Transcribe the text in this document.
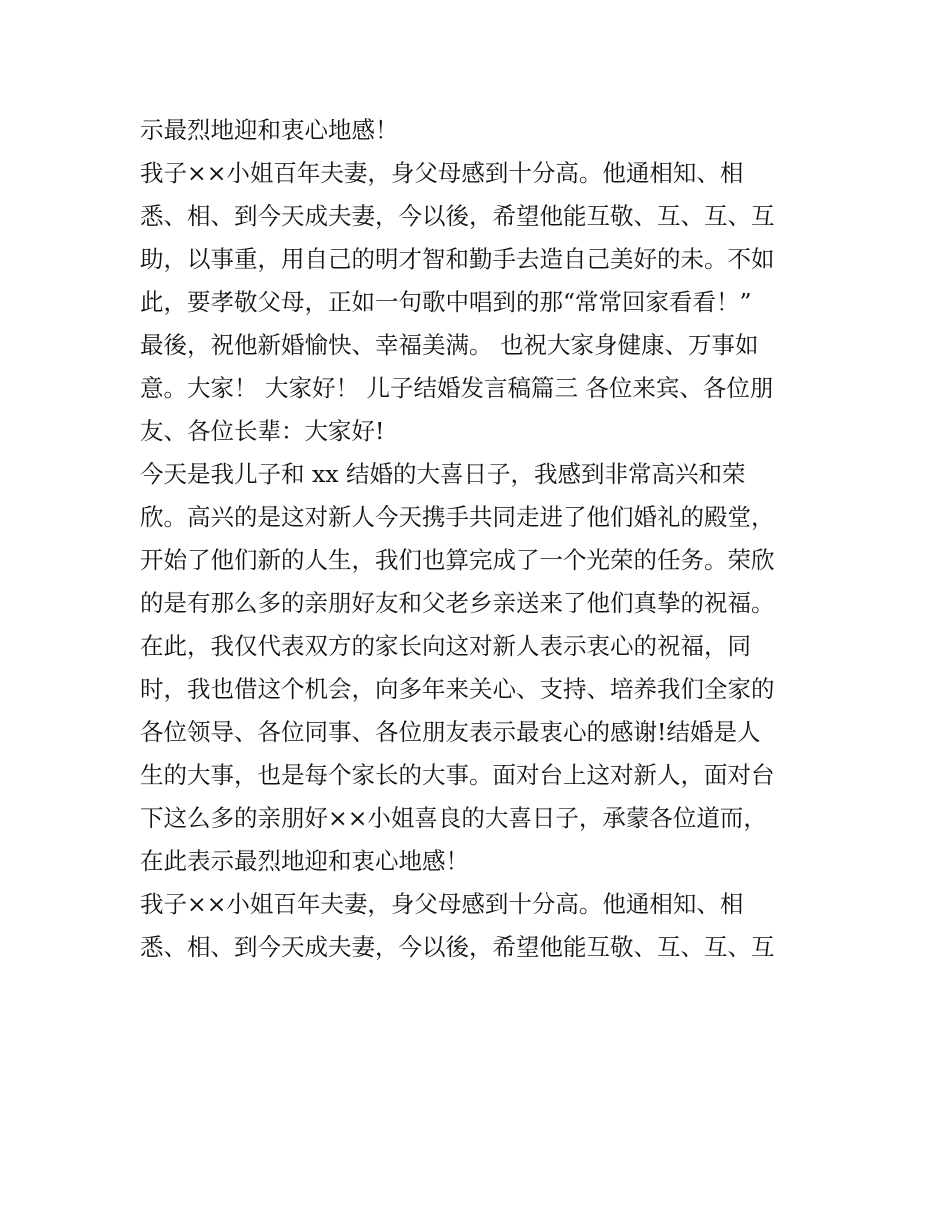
示最烈地迎和衷心地感！
我子××小姐百年夫妻，身父母感到十分高。他通相知、相
悉、相、到今天成夫妻，今以後，希望他能互敬、互、互、互
助，以事重，用自己的明才智和勤手去造自己美好的未。不如
此，要孝敬父母，正如一句歌中唱到的那“常常回家看看！”
最後，祝他新婚愉快、幸福美满。 也祝大家身健康、万事如
意。大家！ 大家好！ 儿子结婚发言稿篇三 各位来宾、各位朋
友、各位长辈：大家好!
今天是我儿子和 xx 结婚的大喜日子，我感到非常高兴和荣
欣。高兴的是这对新人今天携手共同走进了他们婚礼的殿堂，
开始了他们新的人生，我们也算完成了一个光荣的任务。荣欣
的是有那么多的亲朋好友和父老乡亲送来了他们真挚的祝福。
在此，我仅代表双方的家长向这对新人表示衷心的祝福，同
时，我也借这个机会，向多年来关心、支持、培养我们全家的
各位领导、各位同事、各位朋友表示最衷心的感谢!结婚是人
生的大事，也是每个家长的大事。面对台上这对新人，面对台
下这么多的亲朋好××小姐喜良的大喜日子，承蒙各位道而，
在此表示最烈地迎和衷心地感！
我子××小姐百年夫妻，身父母感到十分高。他通相知、相
悉、相、到今天成夫妻，今以後，希望他能互敬、互、互、互
